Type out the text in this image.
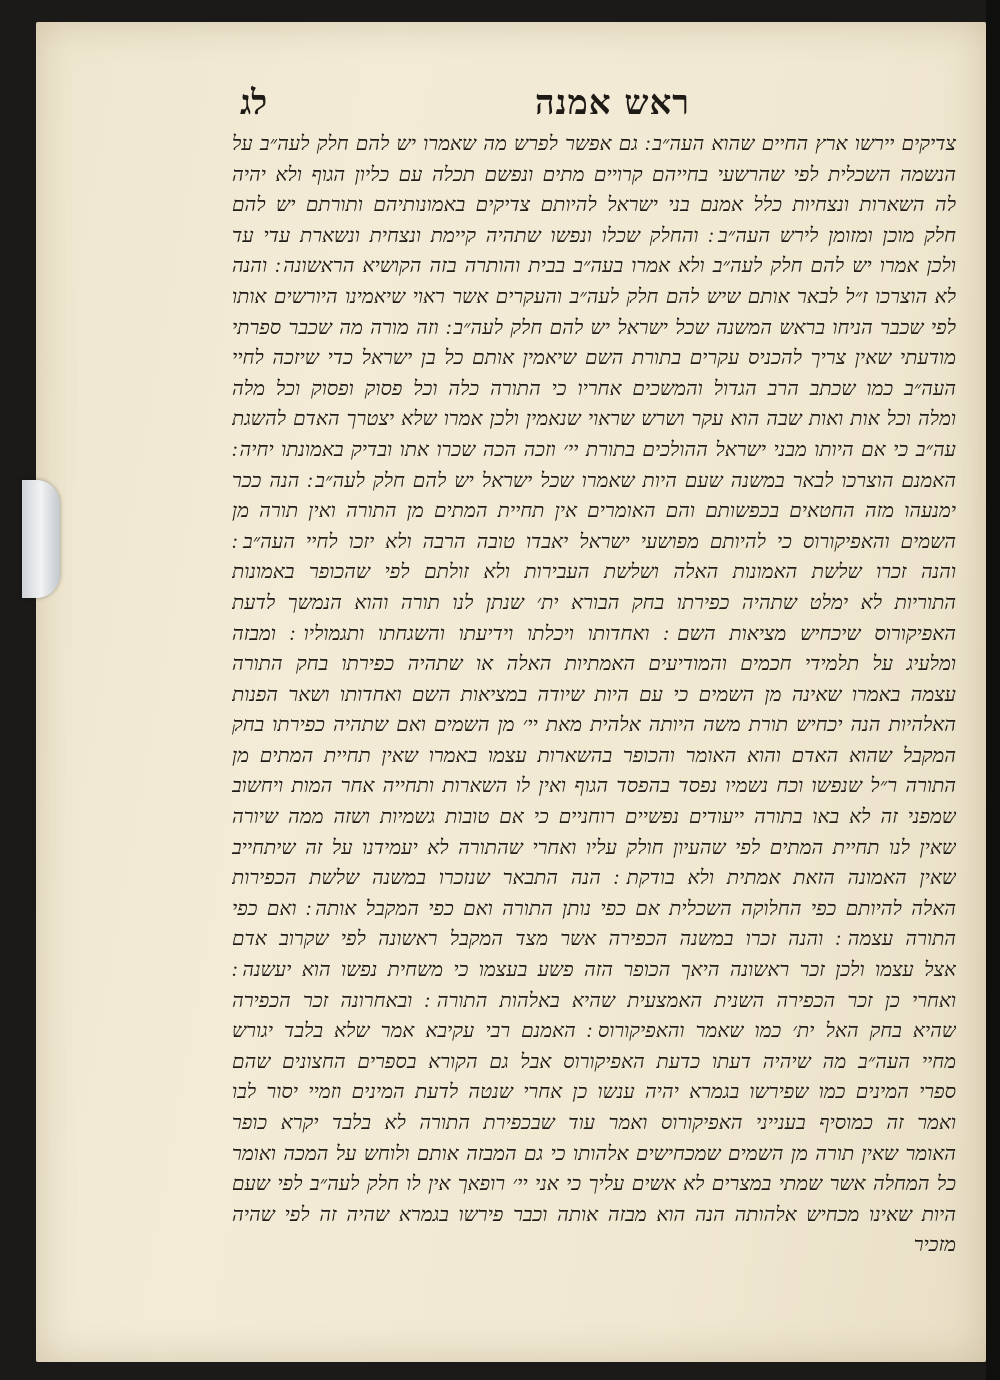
ראש אמנה
לג
צדיקים יירשו ארץ החיים שהוא העה״ב ׃ גם אפשר לפרש מה שאמרו יש להם חלק לעה״ב על
הנשמה השכלית לפי שהרשעי בחייהם קרויים מתים ונפשם תכלה עם כליון הגוף ולא יהיה
לה השארות ונצחיות כלל אמנם בני ישראל להיותם צדיקים באמונותיהם ותורתם יש להם
חלק מוכן ומזומן לירש העה״ב ׃ והחלק שכלו ונפשו שתהיה קיימת ונצחית ונשארת עדי עד
ולכן אמרו יש להם חלק לעה״ב ולא אמרו בעה״ב בבית והותרה בזה הקושיא הראשונה ׃ והנה
לא הוצרכו ז״ל לבאר אותם שיש להם חלק לעה״ב והעקרים אשר ראוי שיאמינו היורשים אותו
לפי שכבר הניחו בראש המשנה שכל ישראל יש להם חלק לעה״ב ׃ וזה מורה מה שכבר ספרתי
מודעתי שאין צריך להכניס עקרים בתורת השם שיאמין אותם כל בן ישראל כדי שיזכה לחיי
העה״ב כמו שכתב הרב הגדול והמשכים אחריו כי התורה כלה וכל פסוק ופסוק וכל מלה
ומלה וכל אות ואות שבה הוא עקר ושרש שראוי שנאמין ולכן אמרו שלא יצטרך האדם להשגת
עה״ב כי אם היותו מבני ישראל ההולכים בתורת יי׳ וזכה הכה שכרו אתו ובדיק באמונתו יחיה ׃
האמנם הוצרכו לבאר במשנה שעם היות שאמרו שכל ישראל יש להם חלק לעה״ב ׃ הנה ככר
ימנעהו מזה החטאים בכפשותם והם האומרים אין תחיית המתים מן התורה ואין תורה מן
השמים והאפיקורוס כי להיותם מפושעי ישראל יאבדו טובה הרבה ולא יזכו לחיי העה״ב ׃
והנה זכרו שלשת האמונות האלה ושלשת העבירות ולא זולתם לפי שהכופר באמונות
התוריות לא ימלט שתהיה כפירתו בחק הבורא ית׳ שנתן לנו תורה והוא הנמשך לדעת
האפיקורוס שיכחיש מציאות השם ׃ ואחדותו ויכלתו וידיעתו והשגחתו ותגמוליו ׃ ומבזה
ומלעיג על תלמידי חכמים והמודיעים האמתיות האלה או שתהיה כפירתו בחק התורה
עצמה באמרו שאינה מן השמים כי עם היות שיודה במציאות השם ואחדותו ושאר הפנות
האלהיות הנה יכחיש תורת משה היותה אלהית מאת יי׳ מן השמים ואם שתהיה כפירתו בחק
המקבל שהוא האדם והוא האומר והכופר בהשארות עצמו באמרו שאין תחיית המתים מן
התורה ר״ל שנפשו וכח נשמיו נפסד בהפסד הגוף ואין לו השארות ותחייה אחר המות ויחשוב
שמפני זה לא באו בתורה ייעודים נפשיים רוחניים כי אם טובות גשמיות ושזה ממה שיורה
שאין לנו תחיית המתים לפי שהעיון חולק עליו ואחרי שהתורה לא יעמידנו על זה שיתחייב
שאין האמונה הזאת אמתית ולא בודקת ׃ הנה התבאר שנזכרו במשנה שלשת הכפירות
האלה להיותם כפי החלוקה השכלית אם כפי נותן התורה ואם כפי המקבל אותה ׃ ואם כפי
התורה עצמה ׃ והנה זכרו במשנה הכפירה אשר מצד המקבל ראשונה לפי שקרוב אדם
אצל עצמו ולכן זכר ראשונה היאך הכופר הזה פשע בעצמו כי משחית נפשו הוא יעשנה ׃
ואחרי כן זכר הכפירה השנית האמצעית שהיא באלהות התורה ׃ ובאחרונה זכר הכפירה
שהיא בחק האל ית׳ כמו שאמר והאפיקורוס ׃ האמנם רבי עקיבא אמר שלא בלבד יגורש
מחיי העה״ב מה שיהיה דעתו כדעת האפיקורוס אבל גם הקורא בספרים החצונים שהם
ספרי המינים כמו שפירשו בגמרא יהיה ענשו כן אחרי שנטה לדעת המינים וזמיי יסור לבו
ואמר זה כמוסיף בענייני האפיקורוס ואמר עוד שבכפירת התורה לא בלבד יקרא כופר
האומר שאין תורה מן השמים שמכחישים אלהותו כי גם המבזה אותם ולוחש על המכה ואומר
כל המחלה אשר שמתי במצרים לא אשים עליך כי אני יי׳ רופאך אין לו חלק לעה״ב לפי שעם
היות שאינו מכחיש אלהותה הנה הוא מבזה אותה וכבר פירשו בגמרא שהיה זה לפי שהיה
מזכיר
